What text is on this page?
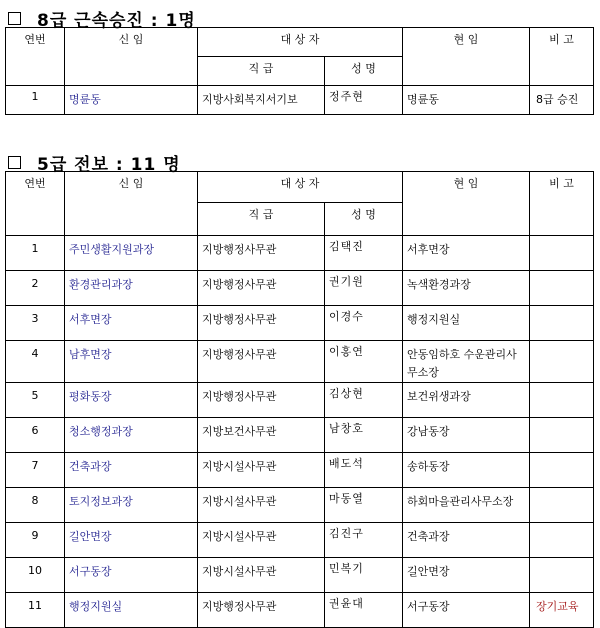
8급 근속승진 : 1명
연번	신 임	대 상 자		현 임	비 고
		직 급	성 명		
1	명륜동	지방사회복지서기보	정주현	명륜동	8급 승진
5급 전보 : 11 명
연번	신 임	대 상 자		현 임	비 고
		직 급	성 명		
1	주민생활지원과장	지방행정사무관	김택진	서후면장	
2	환경관리과장	지방행정사무관	권기원	녹색환경과장	
3	서후면장	지방행정사무관	이경수	행정지원실	
4	남후면장	지방행정사무관	이홍연	안동임하호 수운관리사무소장	
5	평화동장	지방행정사무관	김상현	보건위생과장	
6	청소행정과장	지방보건사무관	남창호	강남동장	
7	건축과장	지방시설사무관	배도석	송하동장	
8	토지정보과장	지방시설사무관	마동열	하회마을관리사무소장	
9	길안면장	지방시설사무관	김진구	건축과장	
10	서구동장	지방시설사무관	민복기	길안면장	
11	행정지원실	지방행정사무관	권윤대	서구동장	장기교육
